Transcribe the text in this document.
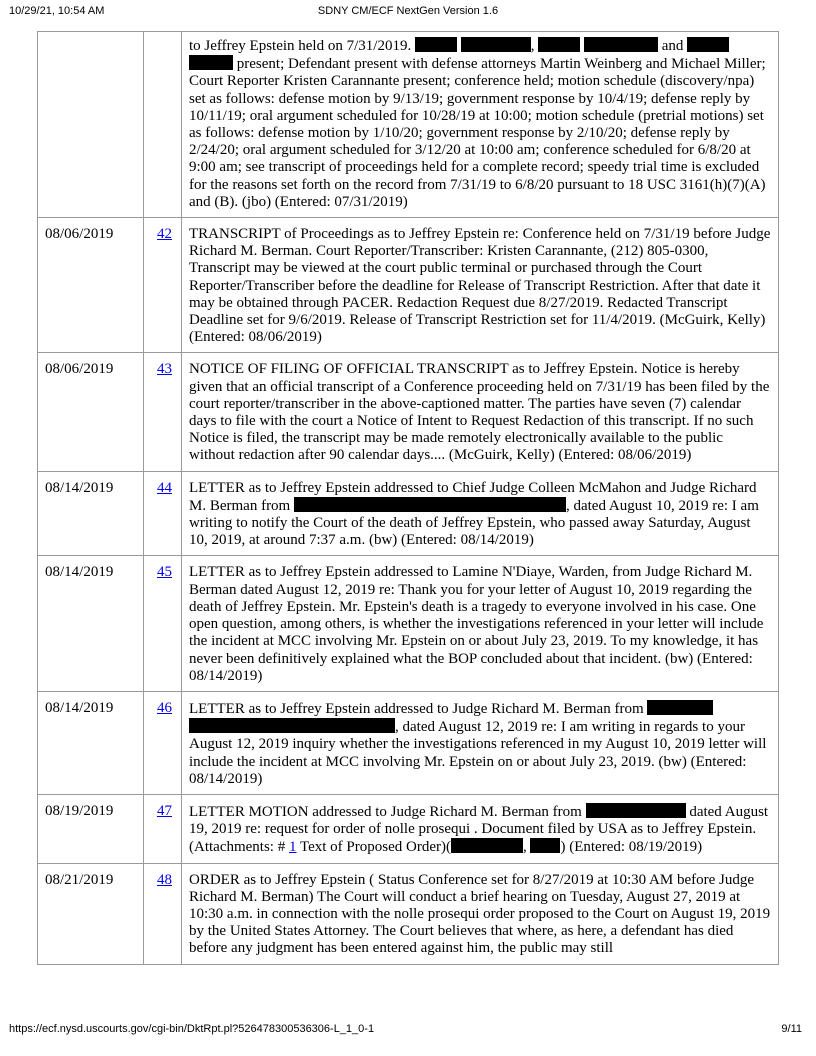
10/29/21, 10:54 AM	SDNY CM/ECF NextGen Version 1.6
		to Jeffrey Epstein held on 7/31/2019. , and   present; Defendant present with defense attorneys Martin Weinberg and Michael Miller; Court Reporter Kristen Carannante present; conference held; motion schedule (discovery/npa) set as follows: defense motion by 9/13/19; government response by 10/4/19; defense reply by 10/11/19; oral argument scheduled for 10/28/19 at 10:00; motion schedule (pretrial motions) set as follows: defense motion by 1/10/20; government response by 2/10/20; defense reply by 2/24/20; oral argument scheduled for 3/12/20 at 10:00 am; conference scheduled for 6/8/20 at 9:00 am; see transcript of proceedings held for a complete record; speedy trial time is excluded for the reasons set forth on the record from 7/31/19 to 6/8/20 pursuant to 18 USC 3161(h)(7)(A) and (B). (jbo) (Entered: 07/31/2019)
08/06/2019	42	TRANSCRIPT of Proceedings as to Jeffrey Epstein re: Conference held on 7/31/19 before Judge Richard M. Berman. Court Reporter/Transcriber: Kristen Carannante, (212) 805-0300, Transcript may be viewed at the court public terminal or purchased through the Court Reporter/Transcriber before the deadline for Release of Transcript Restriction. After that date it may be obtained through PACER. Redaction Request due 8/27/2019. Redacted Transcript Deadline set for 9/6/2019. Release of Transcript Restriction set for 11/4/2019. (McGuirk, Kelly) (Entered: 08/06/2019)
08/06/2019	43	NOTICE OF FILING OF OFFICIAL TRANSCRIPT as to Jeffrey Epstein. Notice is hereby given that an official transcript of a Conference proceeding held on 7/31/19 has been filed by the court reporter/transcriber in the above-captioned matter. The parties have seven (7) calendar days to file with the court a Notice of Intent to Request Redaction of this transcript. If no such Notice is filed, the transcript may be made remotely electronically available to the public without redaction after 90 calendar days.... (McGuirk, Kelly) (Entered: 08/06/2019)
08/14/2019	44	LETTER as to Jeffrey Epstein addressed to Chief Judge Colleen McMahon and Judge Richard M. Berman from , dated August 10, 2019 re: I am writing to notify the Court of the death of Jeffrey Epstein, who passed away Saturday, August 10, 2019, at around 7:37 a.m. (bw) (Entered: 08/14/2019)
08/14/2019	45	LETTER as to Jeffrey Epstein addressed to Lamine N'Diaye, Warden, from Judge Richard M. Berman dated August 12, 2019 re: Thank you for your letter of August 10, 2019 regarding the death of Jeffrey Epstein. Mr. Epstein's death is a tragedy to everyone involved in his case. One open question, among others, is whether the investigations referenced in your letter will include the incident at MCC involving Mr. Epstein on or about July 23, 2019. To my knowledge, it has never been definitively explained what the BOP concluded about that incident. (bw) (Entered: 08/14/2019)
08/14/2019	46	LETTER as to Jeffrey Epstein addressed to Judge Richard M. Berman from  , dated August 12, 2019 re: I am writing in regards to your August 12, 2019 inquiry whether the investigations referenced in my August 10, 2019 letter will include the incident at MCC involving Mr. Epstein on or about July 23, 2019. (bw) (Entered: 08/14/2019)
08/19/2019	47	LETTER MOTION addressed to Judge Richard M. Berman from dated August 19, 2019 re: request for order of nolle prosequi . Document filed by USA as to Jeffrey Epstein. (Attachments: # 1 Text of Proposed Order)( , ) (Entered: 08/19/2019)
08/21/2019	48	ORDER as to Jeffrey Epstein ( Status Conference set for 8/27/2019 at 10:30 AM before Judge Richard M. Berman) The Court will conduct a brief hearing on Tuesday, August 27, 2019 at 10:30 a.m. in connection with the nolle prosequi order proposed to the Court on August 19, 2019 by the United States Attorney. The Court believes that where, as here, a defendant has died before any judgment has been entered against him, the public may still
https://ecf.nysd.uscourts.gov/cgi-bin/DktRpt.pl?526478300536306-L_1_0-1	9/11
